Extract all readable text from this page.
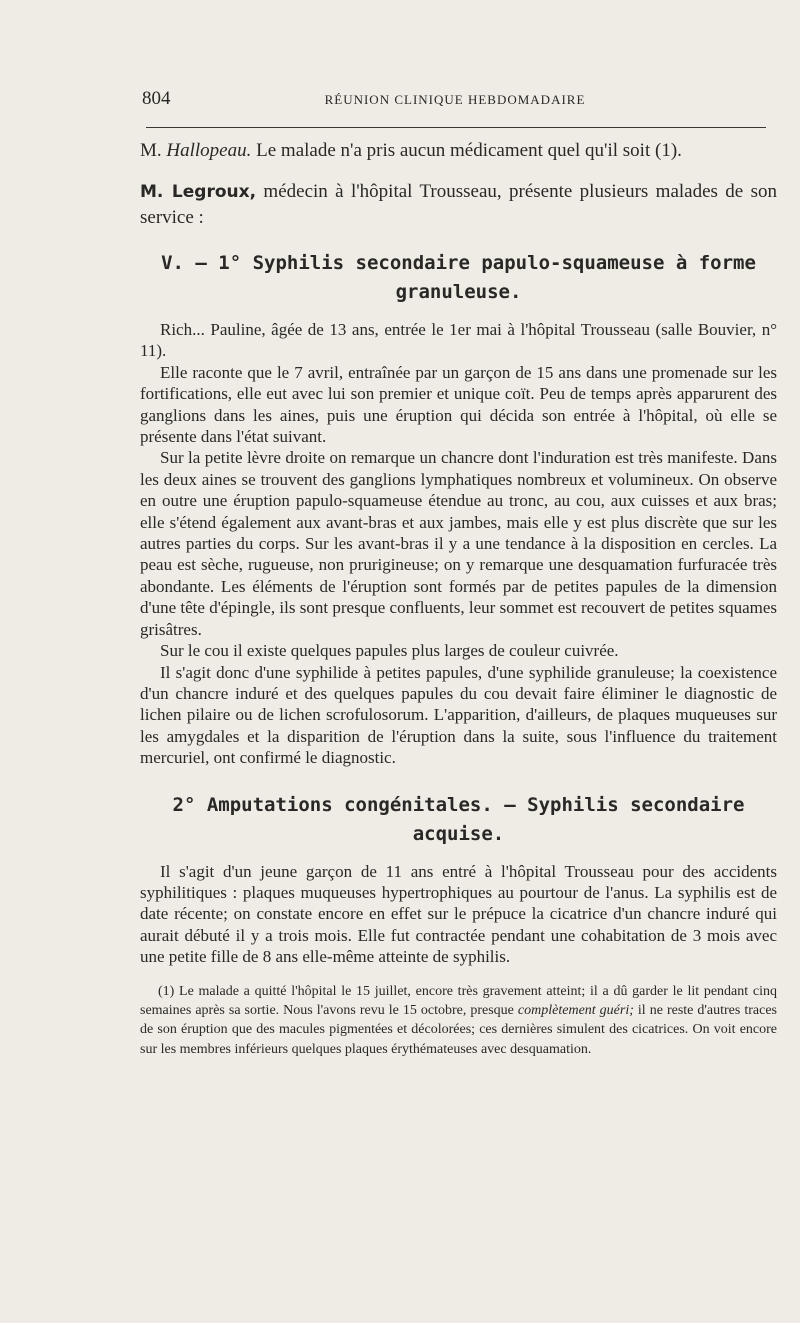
804	RÉUNION CLINIQUE HEBDOMADAIRE

M. Hallopeau. Le malade n'a pris aucun médicament quel qu'il soit (1).

M. Legroux, médecin à l'hôpital Trousseau, présente plusieurs malades de son service :

V. — 1° Syphilis secondaire papulo-squameuse à forme
granuleuse.

Rich... Pauline, âgée de 13 ans, entrée le 1er mai à l'hôpital Trousseau (salle Bouvier, n° 11).

Elle raconte que le 7 avril, entraînée par un garçon de 15 ans dans une promenade sur les fortifications, elle eut avec lui son premier et unique coït. Peu de temps après apparurent des ganglions dans les aines, puis une éruption qui décida son entrée à l'hôpital, où elle se présente dans l'état suivant.

Sur la petite lèvre droite on remarque un chancre dont l'induration est très manifeste. Dans les deux aines se trouvent des ganglions lymphatiques nombreux et volumineux. On observe en outre une éruption papulo-squameuse étendue au tronc, au cou, aux cuisses et aux bras; elle s'étend également aux avant-bras et aux jambes, mais elle y est plus discrète que sur les autres parties du corps. Sur les avant-bras il y a une tendance à la disposition en cercles. La peau est sèche, rugueuse, non prurigineuse; on y remarque une desquamation furfuracée très abondante. Les éléments de l'éruption sont formés par de petites papules de la dimension d'une tête d'épingle, ils sont presque confluents, leur sommet est recouvert de petites squames grisâtres.

Sur le cou il existe quelques papules plus larges de couleur cuivrée.

Il s'agit donc d'une syphilide à petites papules, d'une syphilide granuleuse; la coexistence d'un chancre induré et des quelques papules du cou devait faire éliminer le diagnostic de lichen pilaire ou de lichen scrofulosorum. L'apparition, d'ailleurs, de plaques muqueuses sur les amygdales et la disparition de l'éruption dans la suite, sous l'influence du traitement mercuriel, ont confirmé le diagnostic.

2° Amputations congénitales. — Syphilis secondaire
acquise.

Il s'agit d'un jeune garçon de 11 ans entré à l'hôpital Trousseau pour des accidents syphilitiques : plaques muqueuses hypertrophiques au pourtour de l'anus. La syphilis est de date récente; on constate encore en effet sur le prépuce la cicatrice d'un chancre induré qui aurait débuté il y a trois mois. Elle fut contractée pendant une cohabitation de 3 mois avec une petite fille de 8 ans elle-même atteinte de syphilis.

(1) Le malade a quitté l'hôpital le 15 juillet, encore très gravement atteint; il a dû garder le lit pendant cinq semaines après sa sortie. Nous l'avons revu le 15 octobre, presque complètement guéri; il ne reste d'autres traces de son éruption que des macules pigmentées et décolorées; ces dernières simulent des cicatrices. On voit encore sur les membres inférieurs quelques plaques érythémateuses avec desquamation.
